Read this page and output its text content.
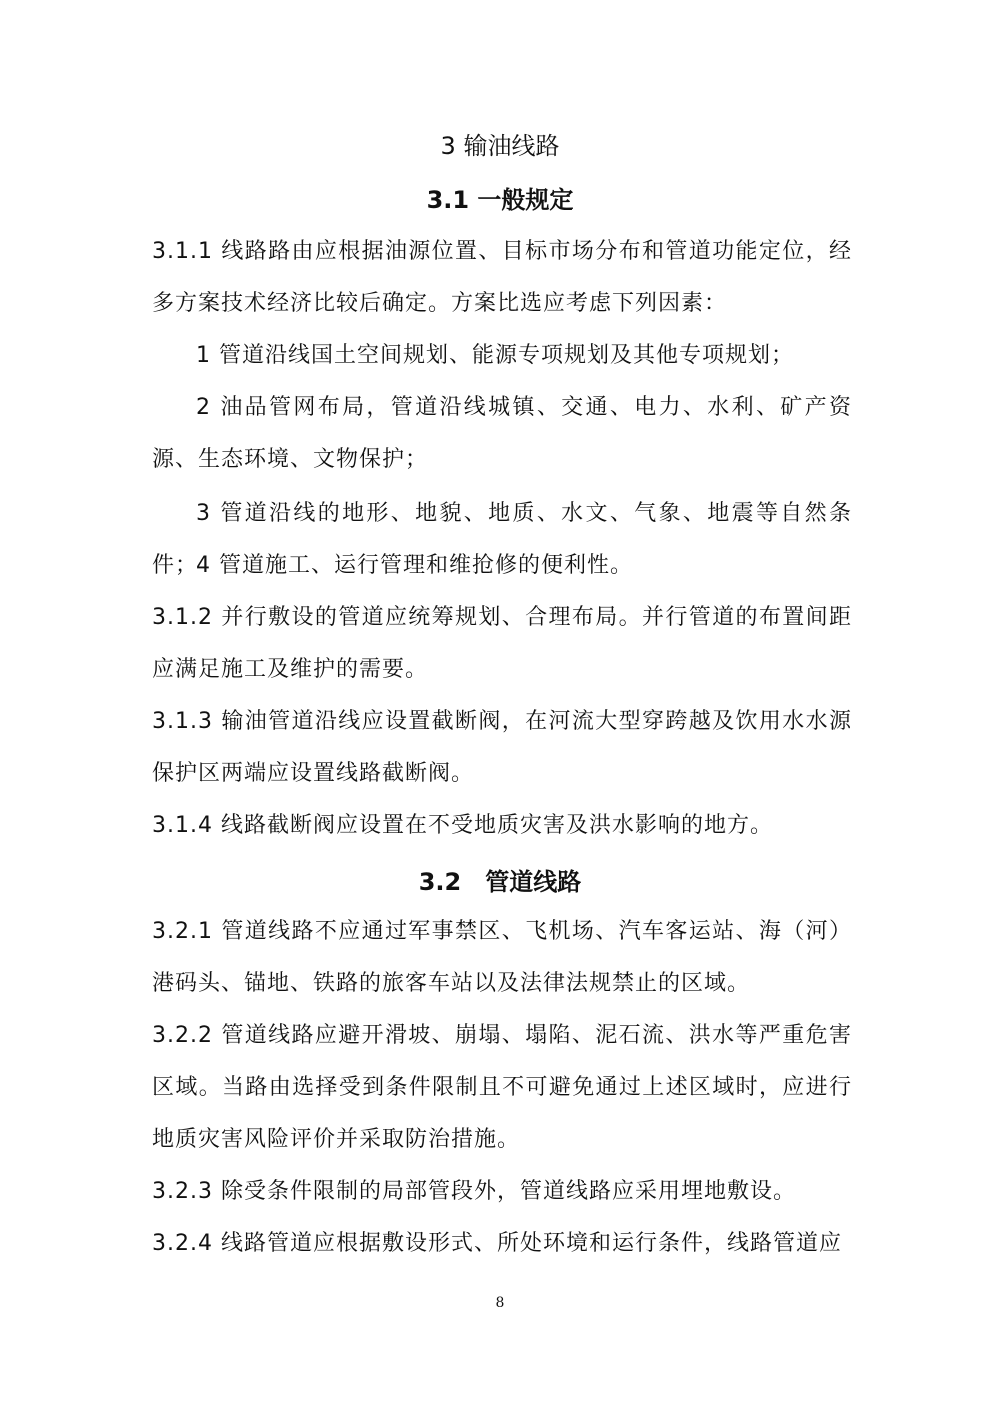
3 输油线路
3.1 一般规定
3.1.1 线路路由应根据油源位置、目标市场分布和管道功能定位，经多方案技术经济比较后确定。方案比选应考虑下列因素：
1 管道沿线国土空间规划、能源专项规划及其他专项规划；
2 油品管网布局，管道沿线城镇、交通、电力、水利、矿产资源、生态环境、文物保护；
3 管道沿线的地形、地貌、地质、水文、气象、地震等自然条件；
4 管道施工、运行管理和维抢修的便利性。
3.1.2 并行敷设的管道应统筹规划、合理布局。并行管道的布置间距应满足施工及维护的需要。
3.1.3 输油管道沿线应设置截断阀，在河流大型穿跨越及饮用水水源保护区两端应设置线路截断阀。
3.1.4 线路截断阀应设置在不受地质灾害及洪水影响的地方。
3.2　管道线路
3.2.1 管道线路不应通过军事禁区、飞机场、汽车客运站、海（河）港码头、锚地、铁路的旅客车站以及法律法规禁止的区域。
3.2.2 管道线路应避开滑坡、崩塌、塌陷、泥石流、洪水等严重危害区域。当路由选择受到条件限制且不可避免通过上述区域时，应进行地质灾害风险评价并采取防治措施。
3.2.3 除受条件限制的局部管段外，管道线路应采用埋地敷设。
3.2.4 线路管道应根据敷设形式、所处环境和运行条件，线路管道应
8
